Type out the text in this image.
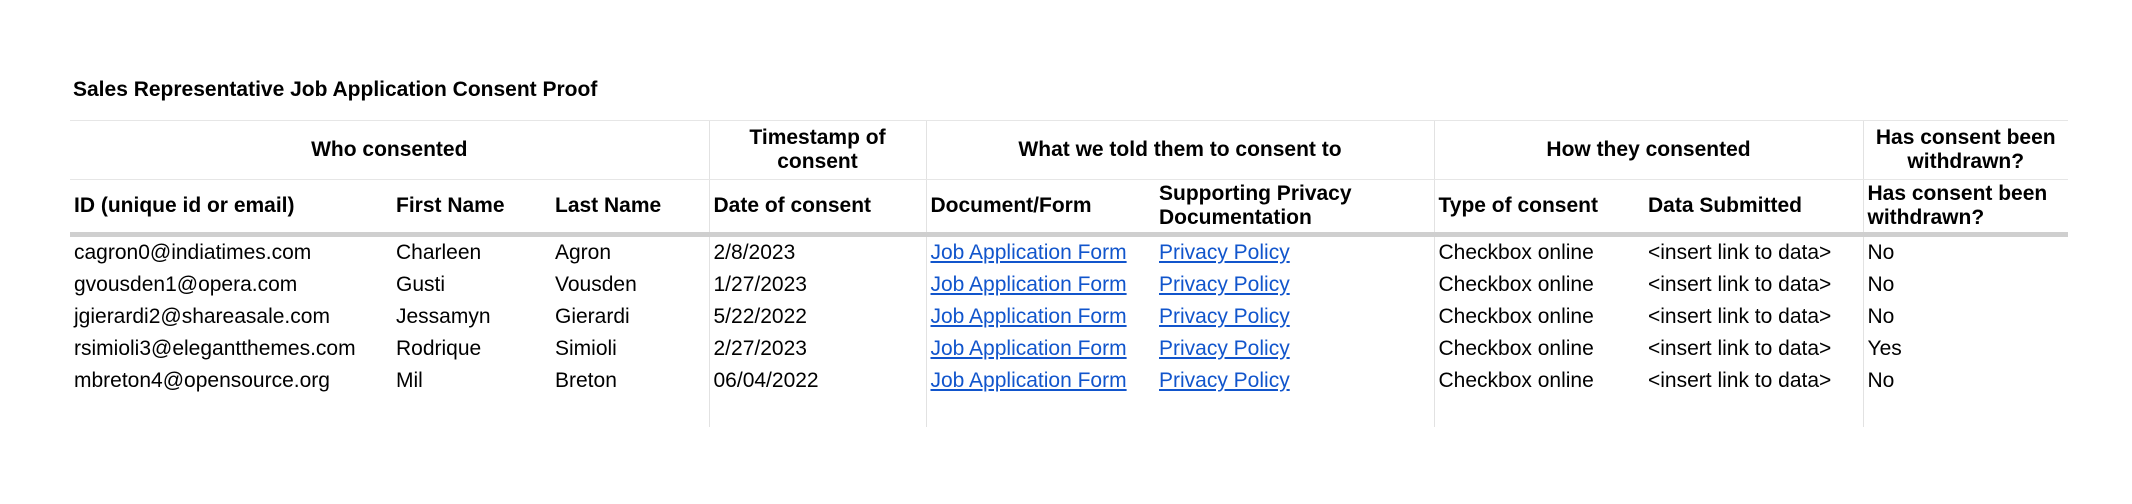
Sales Representative Job Application Consent Proof
Who consented			Timestamp of consent	What we told them to consent to		How they consented		Has consent been withdrawn?
ID (unique id or email)	First Name	Last Name	Date of consent	Document/Form	Supporting Privacy Documentation	Type of consent	Data Submitted	Has consent been withdrawn?
cagron0@indiatimes.com	Charleen	Agron	2/8/2023	Job Application Form	Privacy Policy	Checkbox online	<insert link to data>	No
gvousden1@opera.com	Gusti	Vousden	1/27/2023	Job Application Form	Privacy Policy	Checkbox online	<insert link to data>	No
jgierardi2@shareasale.com	Jessamyn	Gierardi	5/22/2022	Job Application Form	Privacy Policy	Checkbox online	<insert link to data>	No
rsimioli3@elegantthemes.com	Rodrique	Simioli	2/27/2023	Job Application Form	Privacy Policy	Checkbox online	<insert link to data>	Yes
mbreton4@opensource.org	Mil	Breton	06/04/2022	Job Application Form	Privacy Policy	Checkbox online	<insert link to data>	No
